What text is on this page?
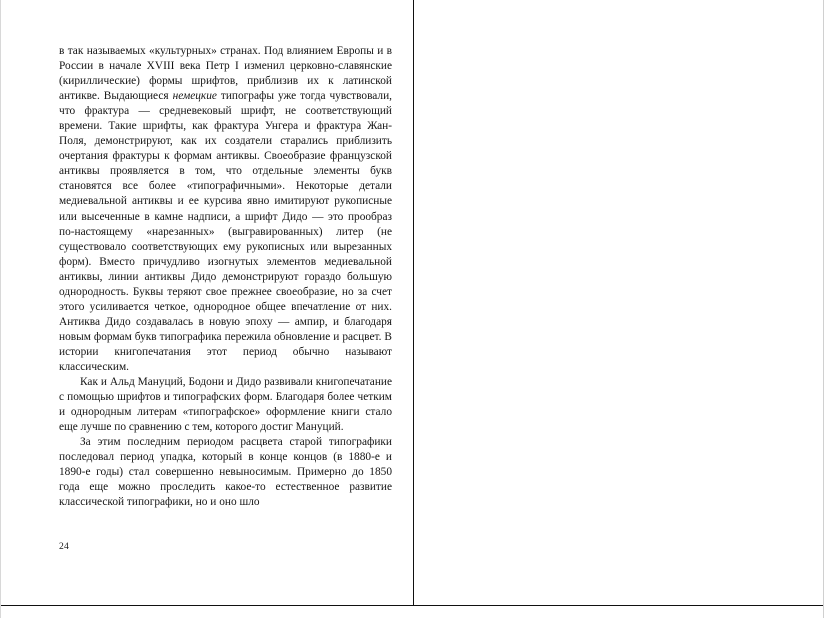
в так называемых «культурных» странах. Под влиянием Европы и в России в начале XVIII века Петр I изменил церковно-славянские (кириллические) формы шрифтов, приблизив их к латинской антикве. Выдающиеся немецкие типографы уже тогда чувствовали, что фрактура — средневековый шрифт, не соответствующий времени. Такие шрифты, как фрактура Унгера и фрактура Жан-Поля, демонстрируют, как их создатели старались приблизить очертания фрактуры к формам антиквы. Своеобразие французской антиквы проявляется в том, что отдельные элементы букв становятся все более «типографичными». Некоторые детали медиевальной антиквы и ее курсива явно имитируют рукописные или высеченные в камне надписи, а шрифт Дидо — это прообраз по-настоящему «нарезанных» (выгравированных) литер (не существовало соответствующих ему рукописных или вырезанных форм). Вместо причудливо изогнутых элементов медиевальной антиквы, линии антиквы Дидо демонстрируют гораздо большую однородность. Буквы теряют свое прежнее своеобразие, но за счет этого усиливается четкое, однородное общее впечатление от них. Антиква Дидо создавалась в новую эпоху — ампир, и благодаря новым формам букв типографика пережила обновление и расцвет. В истории книгопечатания этот период обычно называют классическим.

Как и Альд Мануций, Бодони и Дидо развивали книгопечатание с помощью шрифтов и типографских форм. Благодаря более четким и однородным литерам «типографское» оформление книги стало еще лучше по сравнению с тем, которого достиг Мануций.

За этим последним периодом расцвета старой типографики последовал период упадка, который в конце концов (в 1880-е и 1890-е годы) стал совершенно невыносимым. Примерно до 1850 года еще можно проследить какое-то естественное развитие классической типографики, но и оно шло

24
